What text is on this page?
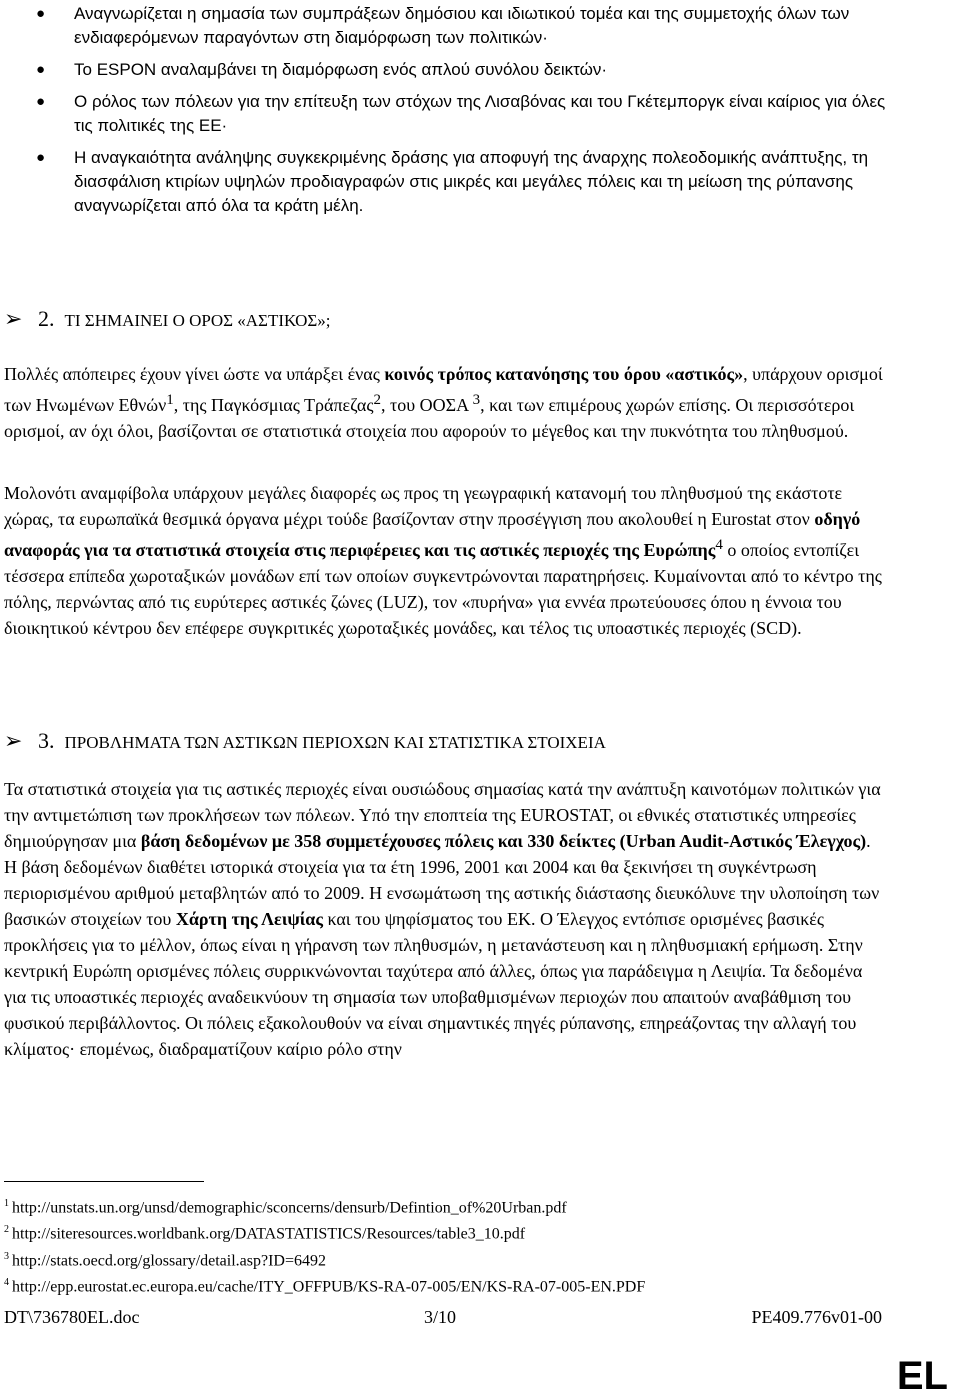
● Αναγνωρίζεται η σημασία των συμπράξεων δημόσιου και ιδιωτικού τομέα και της συμμετοχής όλων των ενδιαφερόμενων παραγόντων στη διαμόρφωση των πολιτικών·
● Το ESPON αναλαμβάνει τη διαμόρφωση ενός απλού συνόλου δεικτών·
● Ο ρόλος των πόλεων για την επίτευξη των στόχων της Λισαβόνας και του Γκέτεμποργκ είναι καίριος για όλες τις πολιτικές της ΕΕ·
● Η αναγκαιότητα ανάληψης συγκεκριμένης δράσης για αποφυγή της άναρχης πολεοδομικής ανάπτυξης, τη διασφάλιση κτιρίων υψηλών προδιαγραφών στις μικρές και μεγάλες πόλεις και τη μείωση της ρύπανσης αναγνωρίζεται από όλα τα κράτη μέλη.
➢ 2. ΤΙ ΣΗΜΑΙΝΕΙ Ο ΟΡΟΣ «ΑΣΤΙΚΟΣ»;

Πολλές απόπειρες έχουν γίνει ώστε να υπάρξει ένας κοινός τρόπος κατανόησης του όρου «αστικός», υπάρχουν ορισμοί των Ηνωμένων Εθνών$^1$, της Παγκόσμιας Τράπεζας$^2$, του ΟΟΣΑ $^3$, και των επιμέρους χωρών επίσης. Οι περισσότεροι ορισμοί, αν όχι όλοι, βασίζονται σε στατιστικά στοιχεία που αφορούν το μέγεθος και την πυκνότητα του πληθυσμού.

Μολονότι αναμφίβολα υπάρχουν μεγάλες διαφορές ως προς τη γεωγραφική κατανομή του πληθυσμού της εκάστοτε χώρας, τα ευρωπαϊκά θεσμικά όργανα μέχρι τούδε βασίζονταν στην προσέγγιση που ακολουθεί η Eurostat στον οδηγό αναφοράς για τα στατιστικά στοιχεία στις περιφέρειες και τις αστικές περιοχές της Ευρώπης$^4$ ο οποίος εντοπίζει τέσσερα επίπεδα χωροταξικών μονάδων επί των οποίων συγκεντρώνονται παρατηρήσεις. Κυμαίνονται από το κέντρο της πόλης, περνώντας από τις ευρύτερες αστικές ζώνες (LUZ), τον «πυρήνα» για εννέα πρωτεύουσες όπου η έννοια του διοικητικού κέντρου δεν επέφερε συγκριτικές χωροταξικές μονάδες, και τέλος τις υποαστικές περιοχές (SCD).

➢ 3. ΠΡΟΒΛΗΜΑΤΑ ΤΩΝ ΑΣΤΙΚΩΝ ΠΕΡΙΟΧΩΝ ΚΑΙ ΣΤΑΤΙΣΤΙΚΑ ΣΤΟΙΧΕΙΑ

Τα στατιστικά στοιχεία για τις αστικές περιοχές είναι ουσιώδους σημασίας κατά την ανάπτυξη καινοτόμων πολιτικών για την αντιμετώπιση των προκλήσεων των πόλεων. Υπό την εποπτεία της EUROSTAT, οι εθνικές στατιστικές υπηρεσίες δημιούργησαν μια βάση δεδομένων με 358 συμμετέχουσες πόλεις και 330 δείκτες (Urban Audit-Αστικός Έλεγχος). Η βάση δεδομένων διαθέτει ιστορικά στοιχεία για τα έτη 1996, 2001 και 2004 και θα ξεκινήσει τη συγκέντρωση περιορισμένου αριθμού μεταβλητών από το 2009. Η ενσωμάτωση της αστικής διάστασης διευκόλυνε την υλοποίηση των βασικών στοιχείων του Χάρτη της Λειψίας και του ψηφίσματος του ΕΚ. Ο Έλεγχος εντόπισε ορισμένες βασικές προκλήσεις για το μέλλον, όπως είναι η γήρανση των πληθυσμών, η μετανάστευση και η πληθυσμιακή ερήμωση. Στην κεντρική Ευρώπη ορισμένες πόλεις συρρικνώνονται ταχύτερα από άλλες, όπως για παράδειγμα η Λειψία. Τα δεδομένα για τις υποαστικές περιοχές αναδεικνύουν τη σημασία των υποβαθμισμένων περιοχών που απαιτούν αναβάθμιση του φυσικού περιβάλλοντος. Οι πόλεις εξακολουθούν να είναι σημαντικές πηγές ρύπανσης, επηρεάζοντας την αλλαγή του κλίματος· επομένως, διαδραματίζουν καίριο ρόλο στην

$^1$ http://unstats.un.org/unsd/demographic/sconcerns/densurb/Defintion_of%20Urban.pdf
$^2$ http://siteresources.worldbank.org/DATASTATISTICS/Resources/table3_10.pdf
$^3$ http://stats.oecd.org/glossary/detail.asp?ID=6492
$^4$ http://epp.eurostat.ec.europa.eu/cache/ITY_OFFPUB/KS-RA-07-005/EN/KS-RA-07-005-EN.PDF
DT\736780EL.doc	3/10	PE409.776v01-00
EL
